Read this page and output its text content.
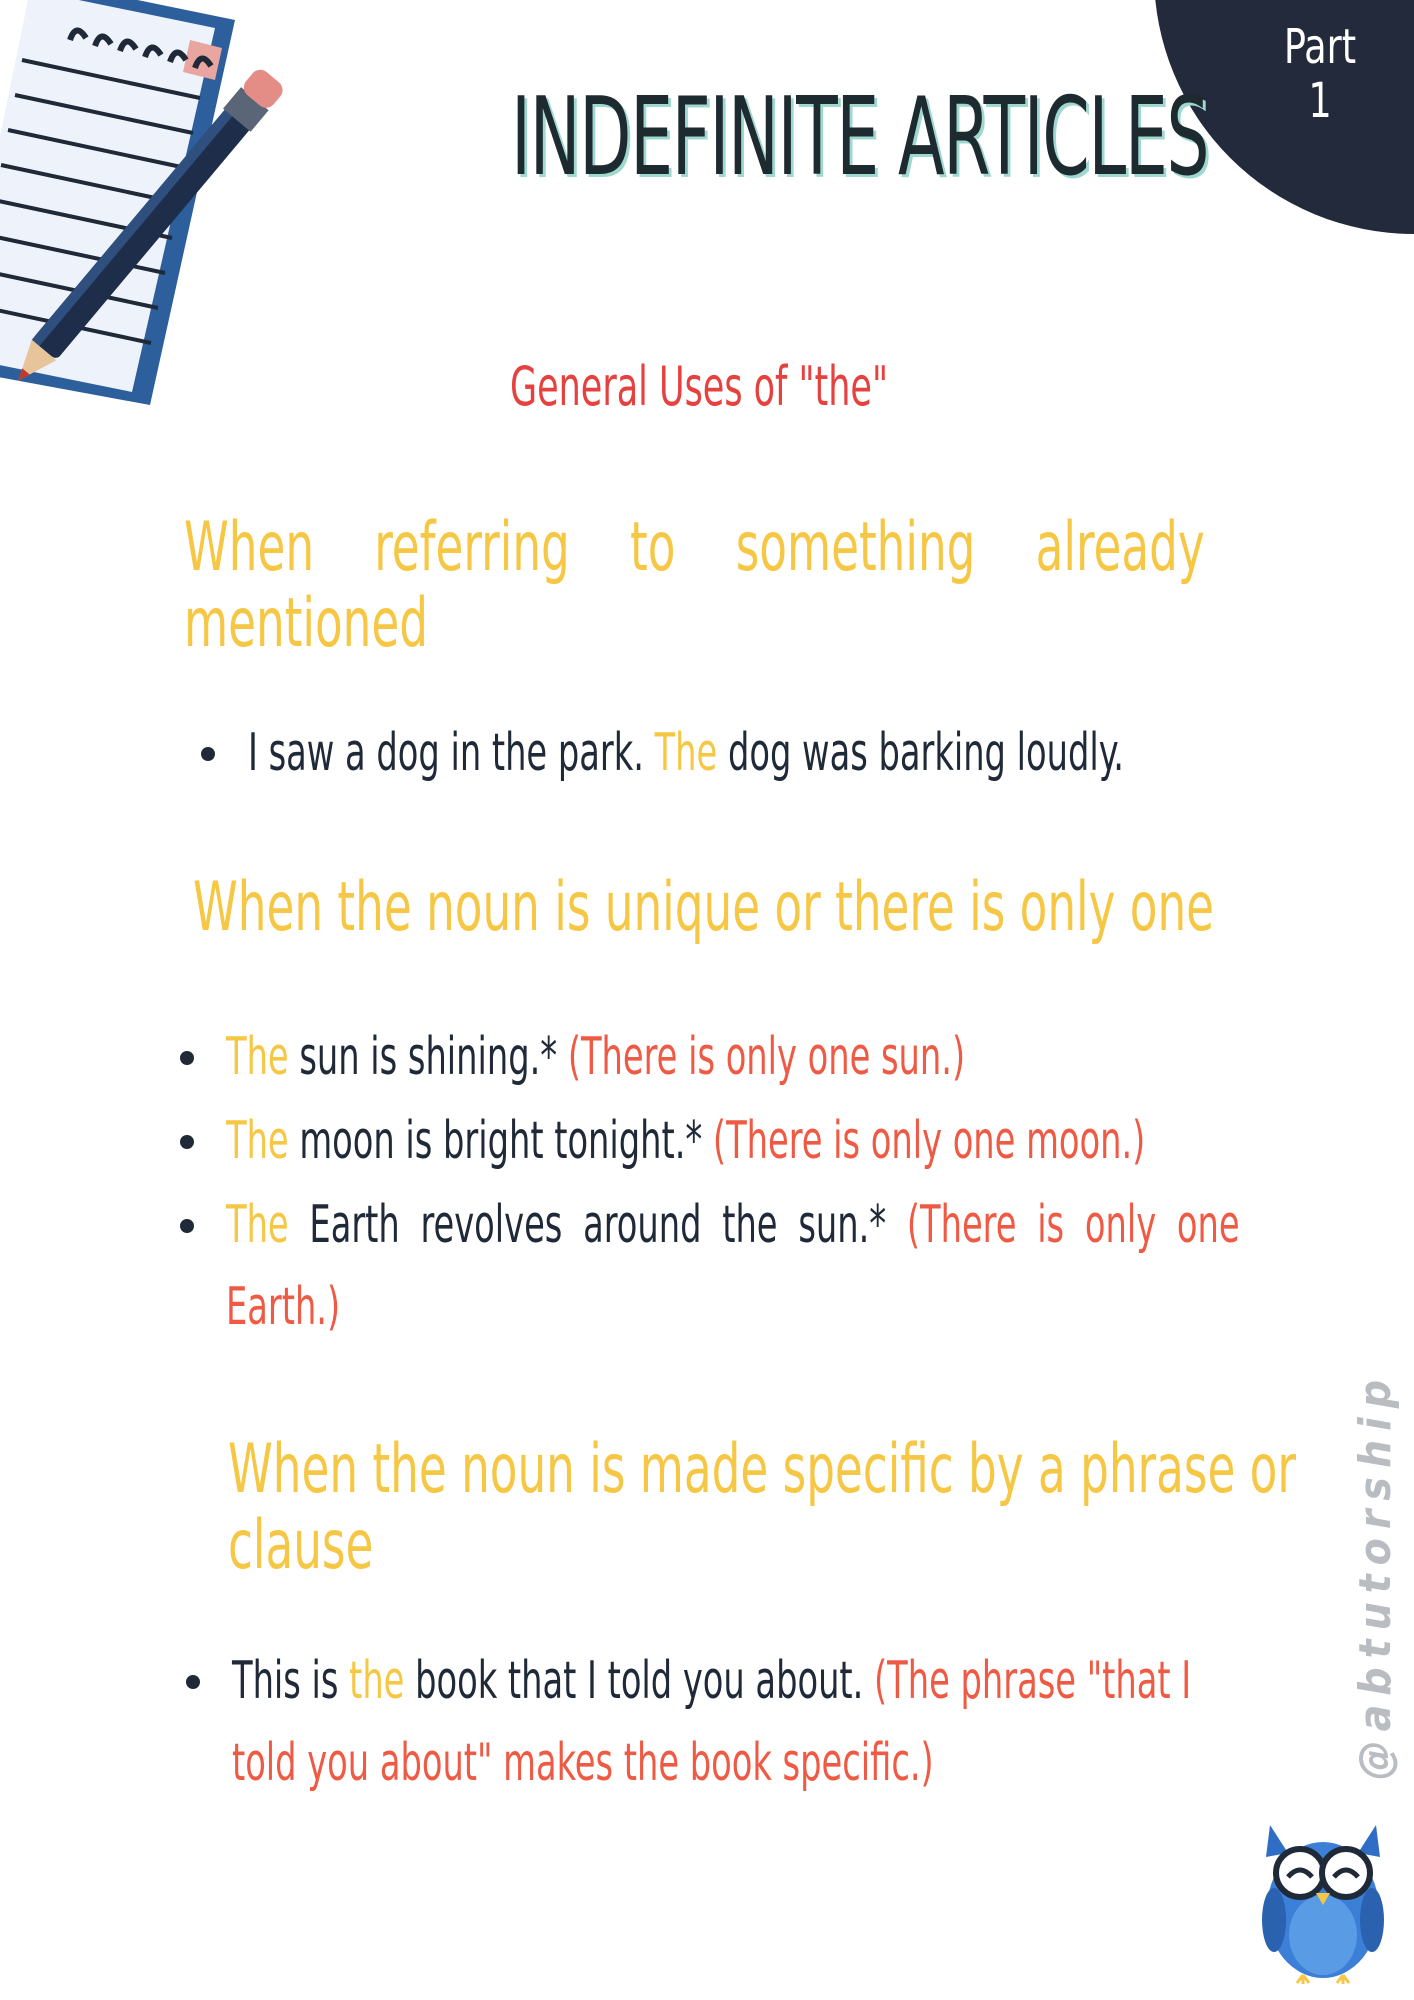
Part
1
INDEFINITE ARTICLES
General Uses of "the"
When referring to something already
mentioned
I saw a dog in the park. The dog was barking loudly.
When the noun is unique or there is only one
The sun is shining.* (There is only one sun.)
The moon is bright tonight.* (There is only one moon.)
The Earth revolves around the sun.* (There is only one
Earth.)
When the noun is made specific by a phrase or
clause
This is the book that I told you about. (The phrase "that I
told you about" makes the book specific.)	@abtutorship
